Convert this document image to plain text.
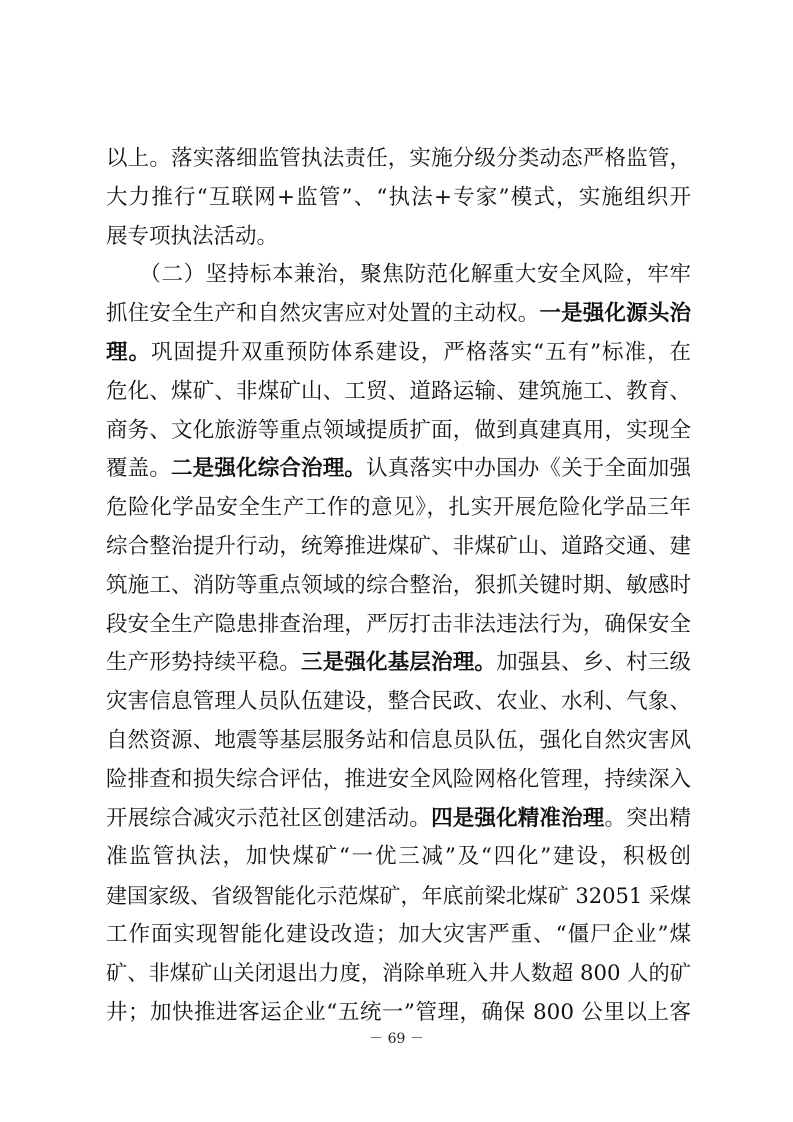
以上。落实落细监管执法责任，实施分级分类动态严格监管，
大力推行“互联网+监管”、“执法+专家”模式，实施组织开
展专项执法活动。
　　（二）坚持标本兼治，聚焦防范化解重大安全风险，牢牢
抓住安全生产和自然灾害应对处置的主动权。一是强化源头治
理。巩固提升双重预防体系建设，严格落实“五有”标准，在
危化、煤矿、非煤矿山、工贸、道路运输、建筑施工、教育、
商务、文化旅游等重点领域提质扩面，做到真建真用，实现全
覆盖。二是强化综合治理。认真落实中办国办《关于全面加强
危险化学品安全生产工作的意见》，扎实开展危险化学品三年
综合整治提升行动，统筹推进煤矿、非煤矿山、道路交通、建
筑施工、消防等重点领域的综合整治，狠抓关键时期、敏感时
段安全生产隐患排查治理，严厉打击非法违法行为，确保安全
生产形势持续平稳。三是强化基层治理。加强县、乡、村三级
灾害信息管理人员队伍建设，整合民政、农业、水利、气象、
自然资源、地震等基层服务站和信息员队伍，强化自然灾害风
险排查和损失综合评估，推进安全风险网格化管理，持续深入
开展综合减灾示范社区创建活动。四是强化精准治理。突出精
准监管执法，加快煤矿“一优三减”及“四化”建设，积极创
建国家级、省级智能化示范煤矿，年底前梁北煤矿 32051 采煤
工作面实现智能化建设改造；加大灾害严重、“僵尸企业”煤
矿、非煤矿山关闭退出力度，消除单班入井人数超 800 人的矿
井；加快推进客运企业“五统一”管理，确保 800 公里以上客
－ 69 －
